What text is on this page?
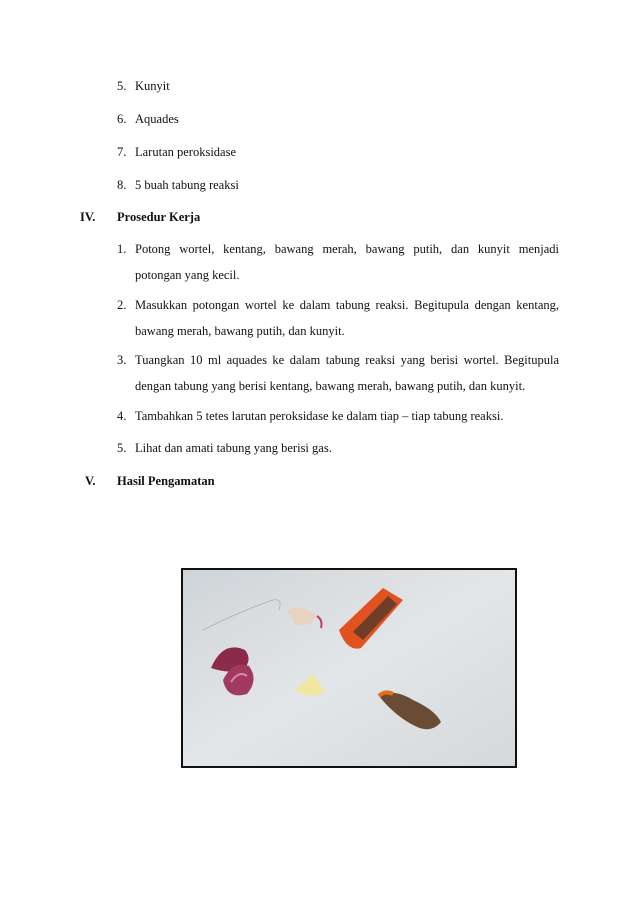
5. Kunyit
6. Aquades
7. Larutan peroksidase
8. 5 buah tabung reaksi
IV. Prosedur Kerja
1. Potong wortel, kentang, bawang merah, bawang putih, dan kunyit menjadi
potongan yang kecil.
2. Masukkan potongan wortel ke dalam tabung reaksi. Begitupula dengan kentang,
bawang merah, bawang putih, dan kunyit.
3. Tuangkan 10 ml aquades ke dalam tabung reaksi yang berisi wortel. Begitupula
dengan tabung yang berisi kentang, bawang merah, bawang putih, dan kunyit.
4. Tambahkan 5 tetes larutan peroksidase ke dalam tiap – tiap tabung reaksi.
5. Lihat dan amati tabung yang berisi gas.
V. Hasil Pengamatan
